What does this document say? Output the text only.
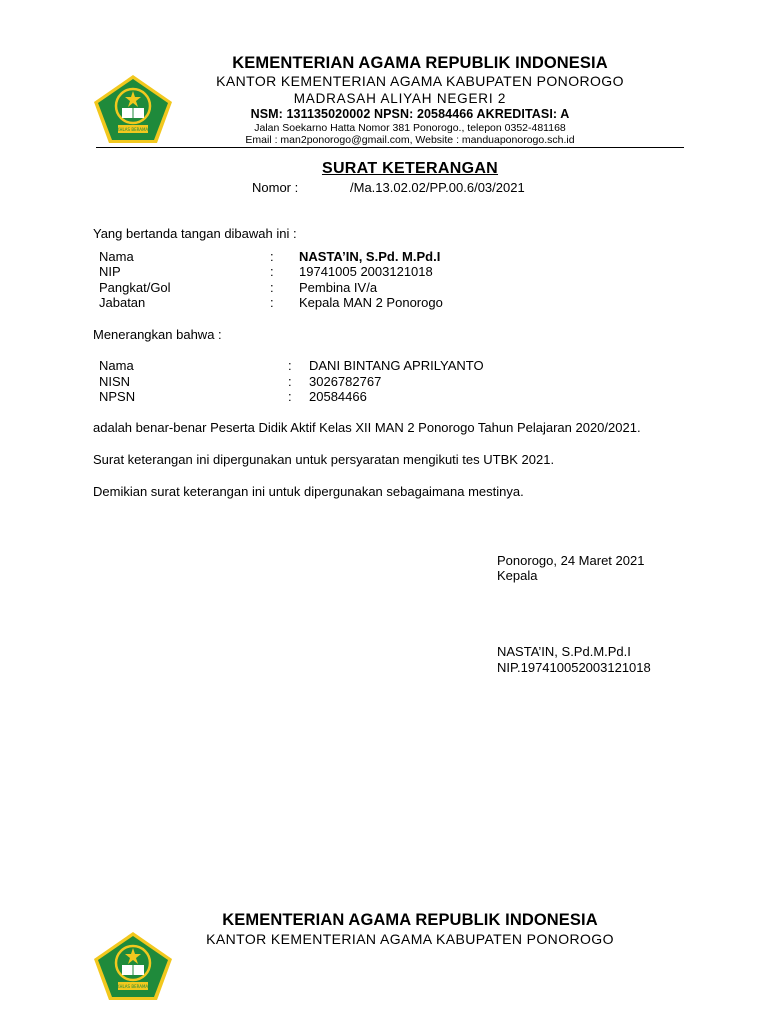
IKHLAS BERAMAL
KEMENTERIAN AGAMA REPUBLIK INDONESIA
KANTOR KEMENTERIAN AGAMA KABUPATEN PONOROGO
MADRASAH ALIYAH NEGERI 2
NSM: 131135020002 NPSN: 20584466 AKREDITASI: A
Jalan Soekarno Hatta Nomor 381 Ponorogo., telepon 0352-481168
Email : man2ponorogo@gmail.com, Website : manduaponorogo.sch.id
SURAT KETERANGAN
Nomor :	/Ma.13.02.02/PP.00.6/03/2021
Yang bertanda tangan dibawah ini :
Nama	: NASTA’IN, S.Pd. M.Pd.I
NIP	: 19741005 2003121018
Pangkat/Gol	: Pembina IV/a
Jabatan	: Kepala MAN 2 Ponorogo
Menerangkan bahwa :
Nama	: DANI BINTANG APRILYANTO
NISN	: 3026782767
NPSN	: 20584466
adalah benar-benar Peserta Didik Aktif Kelas XII MAN 2 Ponorogo Tahun Pelajaran 2020/2021.
Surat keterangan ini dipergunakan untuk persyaratan mengikuti tes UTBK 2021.
Demikian surat keterangan ini untuk dipergunakan sebagaimana mestinya.
Ponorogo, 24 Maret 2021
Kepala
NASTA’IN, S.Pd.M.Pd.I
NIP.197410052003121018
IKHLAS BERAMAL
KEMENTERIAN AGAMA REPUBLIK INDONESIA
KANTOR KEMENTERIAN AGAMA KABUPATEN PONOROGO
